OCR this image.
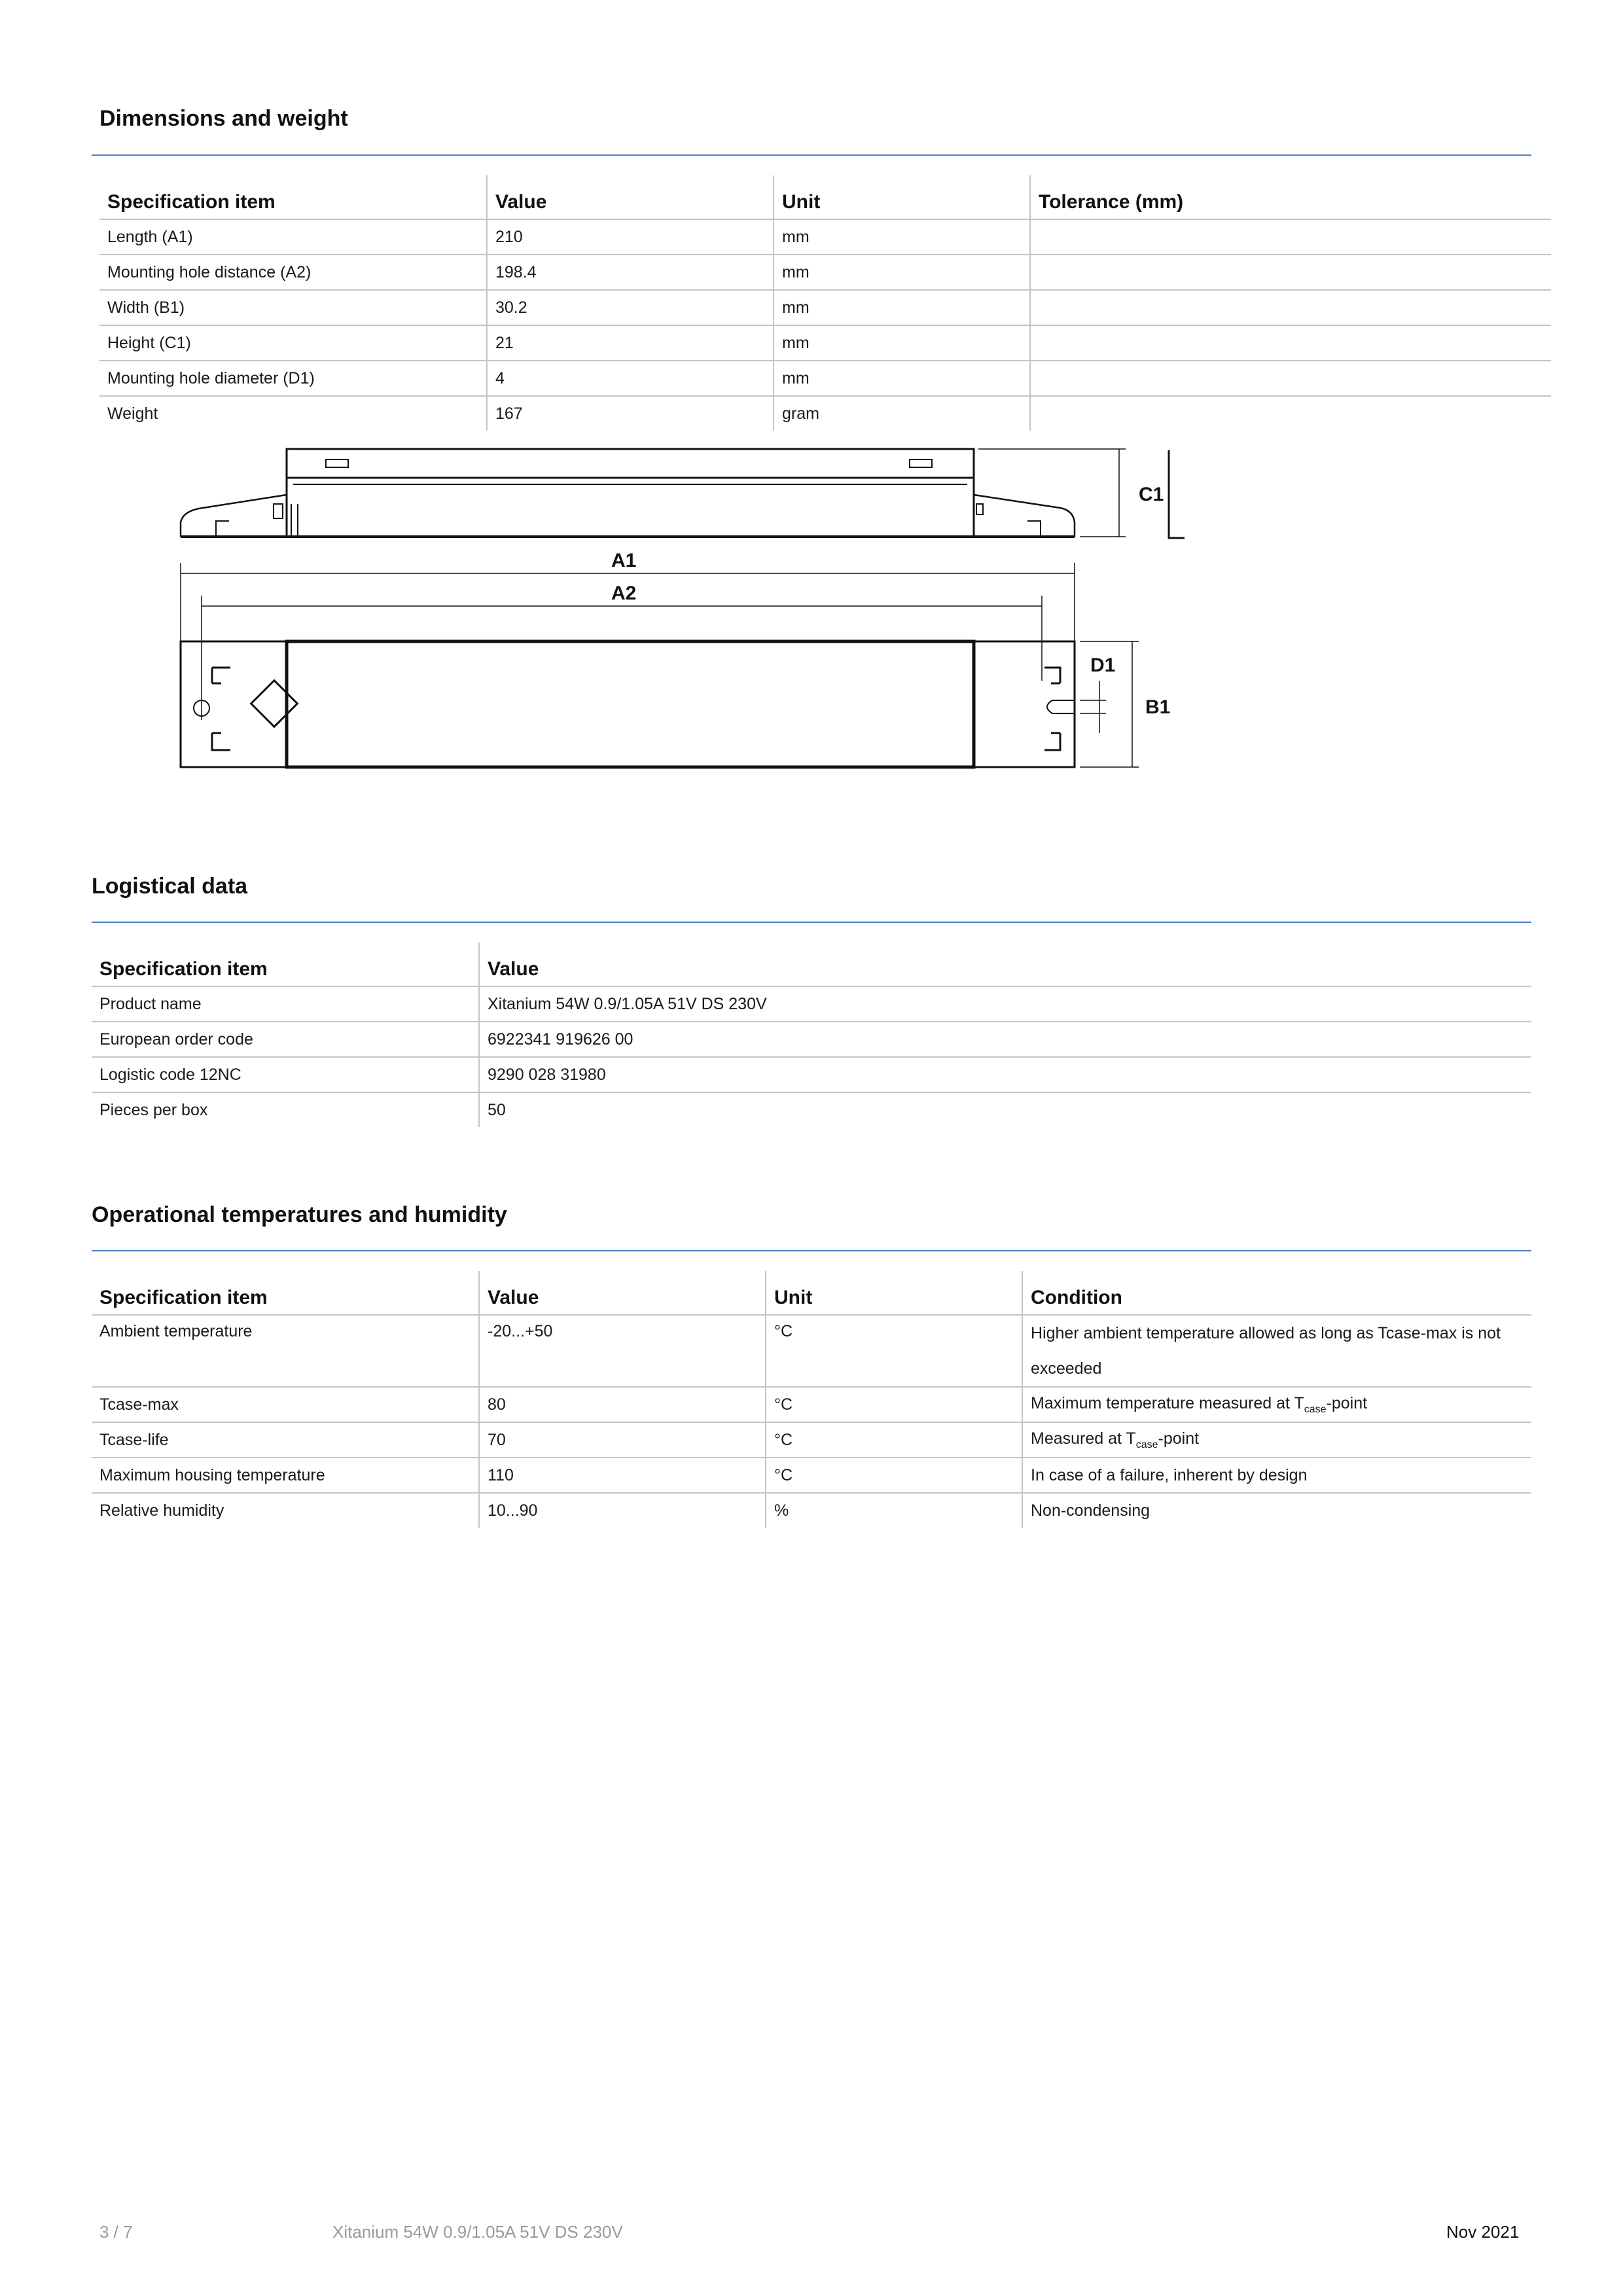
Dimensions and weight
Specification item	Value	Unit	Tolerance (mm)
Length (A1)	210	mm	
Mounting hole distance (A2)	198.4	mm	
Width (B1)	30.2	mm	
Height (C1)	21	mm	
Mounting hole diameter (D1)	4	mm	
Weight	167	gram	
C1
A1
A2
D1
B1
Logistical data
Specification item	Value
Product name	Xitanium 54W 0.9/1.05A 51V DS 230V
European order code	6922341 919626 00
Logistic code 12NC	9290 028 31980
Pieces per box	50
Operational temperatures and humidity
Specification item	Value	Unit	Condition
Ambient temperature	-20...+50	°C	Higher ambient temperature allowed as long as Tcase-max is not exceeded
Tcase-max	80	°C	Maximum temperature measured at $T_{case}$-point
Tcase-life	70	°C	Measured at $T_{case}$-point
Maximum housing temperature	110	°C	In case of a failure, inherent by design
Relative humidity	10...90	%	Non-condensing
3 / 7	Xitanium 54W 0.9/1.05A 51V DS 230V	Nov 2021
